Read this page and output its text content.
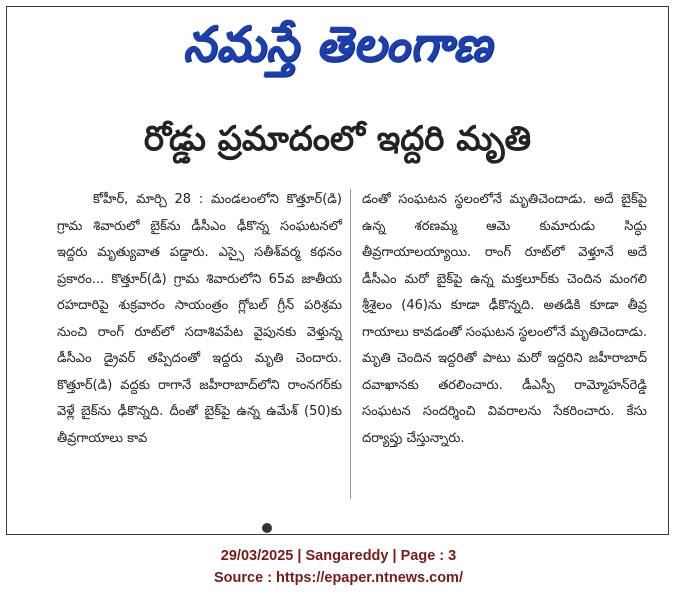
నమస్తే తెలంగాణ
రోడ్డు ప్రమాదంలో ఇద్దరి మృతి

కోహీర్, మార్చి 28 : మండలంలోని కొత్తూర్(డి) గ్రామ శివారులో బైక్‌ను డీసీఎం ఢీకొన్న సంఘటనలో ఇద్దరు మృత్యువాత పడ్డారు. ఎస్సై సతీశ్‌వర్మ కథనం ప్రకారం... కొత్తూర్(డి) గ్రామ శివారులోని 65వ జాతీయ రహదారిపై శుక్రవారం సాయంత్రం గ్లోబల్ గ్రీన్ పరిశ్రమ నుంచి రాంగ్ రూట్‌లో సదాశివపేట వైపునకు వెళ్తున్న డీసీఎం డ్రైవర్ తప్పిదంతో ఇద్దరు మృతి చెందారు. కొత్తూర్(డి) వద్దకు రాగానే జహీరాబాద్‌లోని రాంనగర్‌కు వెళ్లే బైక్‌ను ఢీకొన్నది. దీంతో బైక్‌పై ఉన్న ఉమేశ్ (50)కు తీవ్రగాయాలు కావ

డంతో సంఘటన స్థలంలోనే మృతిచెందాడు. అదే బైక్‌పై ఉన్న శరణమ్మ ఆమె కుమారుడు సిద్ధు తీవ్రగాయాలయ్యాయి. రాంగ్ రూట్‌లో వెళ్తూనే అదే డీసీఎం మరో బైక్‌పై ఉన్న మక్తలూర్‌కు చెందిన మంగలి శ్రీశైలం (46)ను కూడా ఢీకొన్నది. అతడికి కూడా తీవ్ర గాయాలు కావడంతో సంఘటన స్థలంలోనే మృతిచెందాడు. మృతి చెందిన ఇద్దరితో పాటు మరో ఇద్దరిని జహీరాబాద్ దవాఖానకు తరలించారు. డీఎస్పీ రామ్మోహన్‌రెడ్డి సంఘటన సందర్శించి వివరాలను సేకరించారు. కేసు దర్యాప్తు చేస్తున్నారు.

29/03/2025 | Sangareddy | Page : 3
Source : https://epaper.ntnews.com/
